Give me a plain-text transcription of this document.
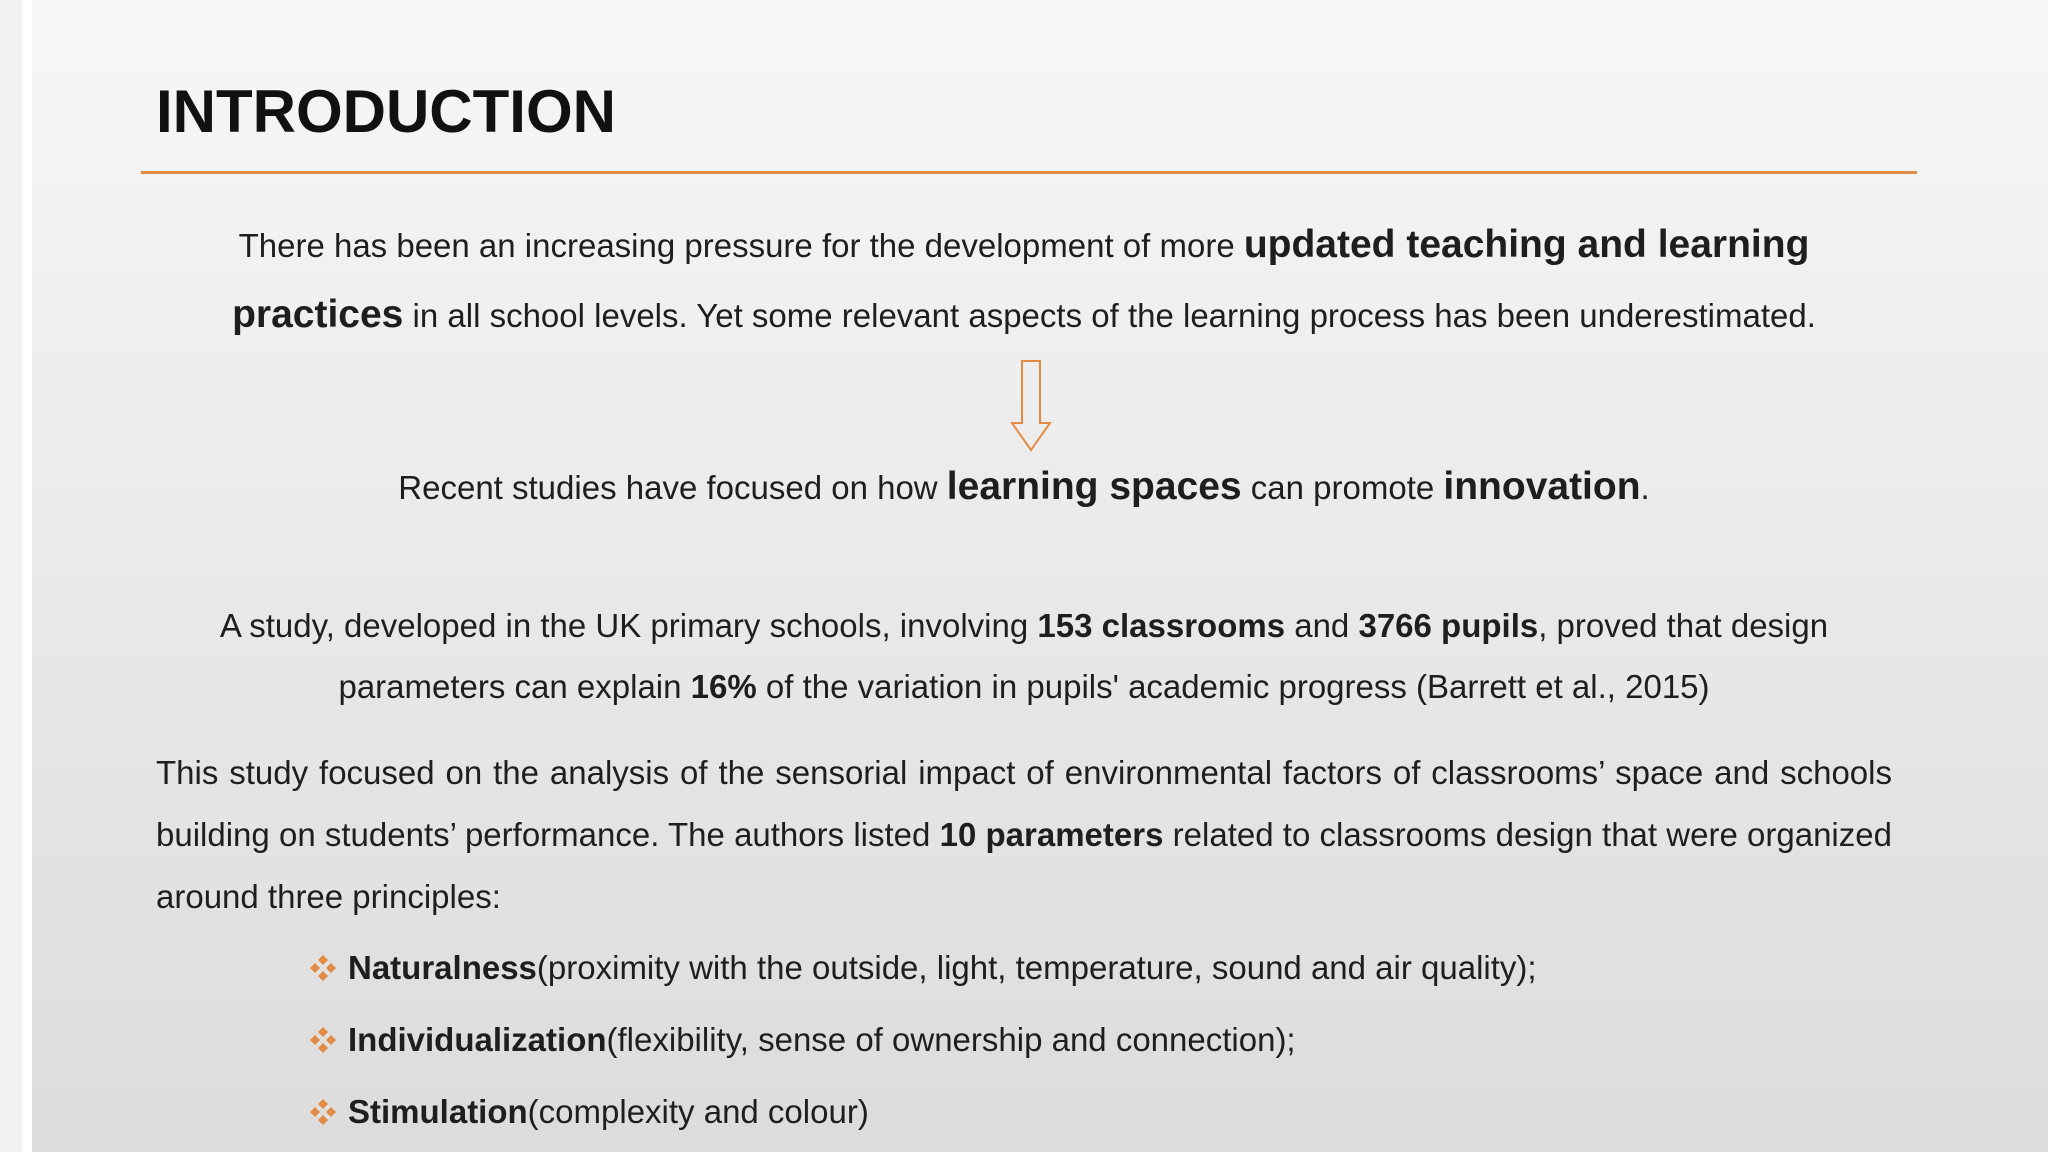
INTRODUCTION
There has been an increasing pressure for the development of more updated teaching and learning
practices in all school levels. Yet some relevant aspects of the learning process has been underestimated.
Recent studies have focused on how learning spaces can promote innovation.
A study, developed in the UK primary schools, involving 153 classrooms and 3766 pupils, proved that design
parameters can explain 16% of the variation in pupils' academic progress (Barrett et al., 2015)
This study focused on the analysis of the sensorial impact of environmental factors of classrooms’ space and schools building on students’ performance. The authors listed 10 parameters related to classrooms design that were organized around three principles:
Naturalness (proximity with the outside, light, temperature, sound and air quality);
Individualization (flexibility, sense of ownership and connection);
Stimulation (complexity and colour)
